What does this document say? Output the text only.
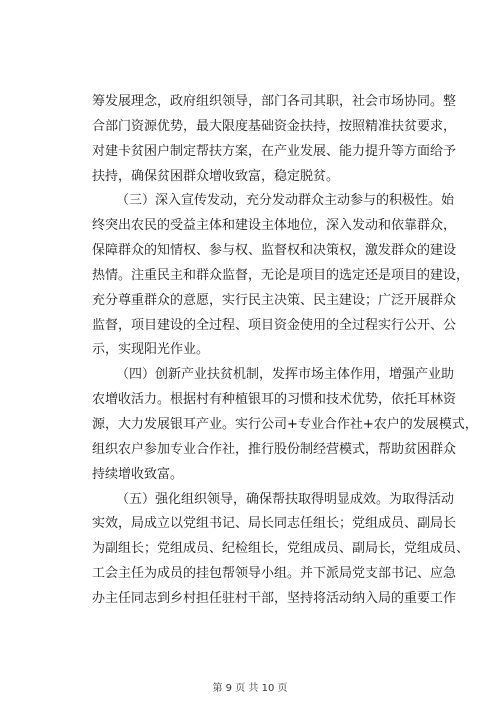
筹发展理念，政府组织领导，部门各司其职，社会市场协同。整
合部门资源优势，最大限度基础资金扶持，按照精准扶贫要求，
对建卡贫困户制定帮扶方案，在产业发展、能力提升等方面给予
扶持，确保贫困群众增收致富，稳定脱贫。
（三）深入宣传发动，充分发动群众主动参与的积极性。始
终突出农民的受益主体和建设主体地位，深入发动和依靠群众，
保障群众的知情权、参与权、监督权和决策权，激发群众的建设
热情。注重民主和群众监督，无论是项目的选定还是项目的建设，
充分尊重群众的意愿，实行民主决策、民主建设；广泛开展群众
监督，项目建设的全过程、项目资金使用的全过程实行公开、公
示，实现阳光作业。
（四）创新产业扶贫机制，发挥市场主体作用，增强产业助
农增收活力。根据村有种植银耳的习惯和技术优势，依托耳林资
源，大力发展银耳产业。实行公司+专业合作社+农户的发展模式，
组织农户参加专业合作社，推行股份制经营模式，帮助贫困群众
持续增收致富。
（五）强化组织领导，确保帮扶取得明显成效。为取得活动
实效，局成立以党组书记、局长同志任组长；党组成员、副局长
为副组长；党组成员、纪检组长，党组成员、副局长，党组成员、
工会主任为成员的挂包帮领导小组。并下派局党支部书记、应急
办主任同志到乡村担任驻村干部，坚持将活动纳入局的重要工作
第 9 页 共 10 页
